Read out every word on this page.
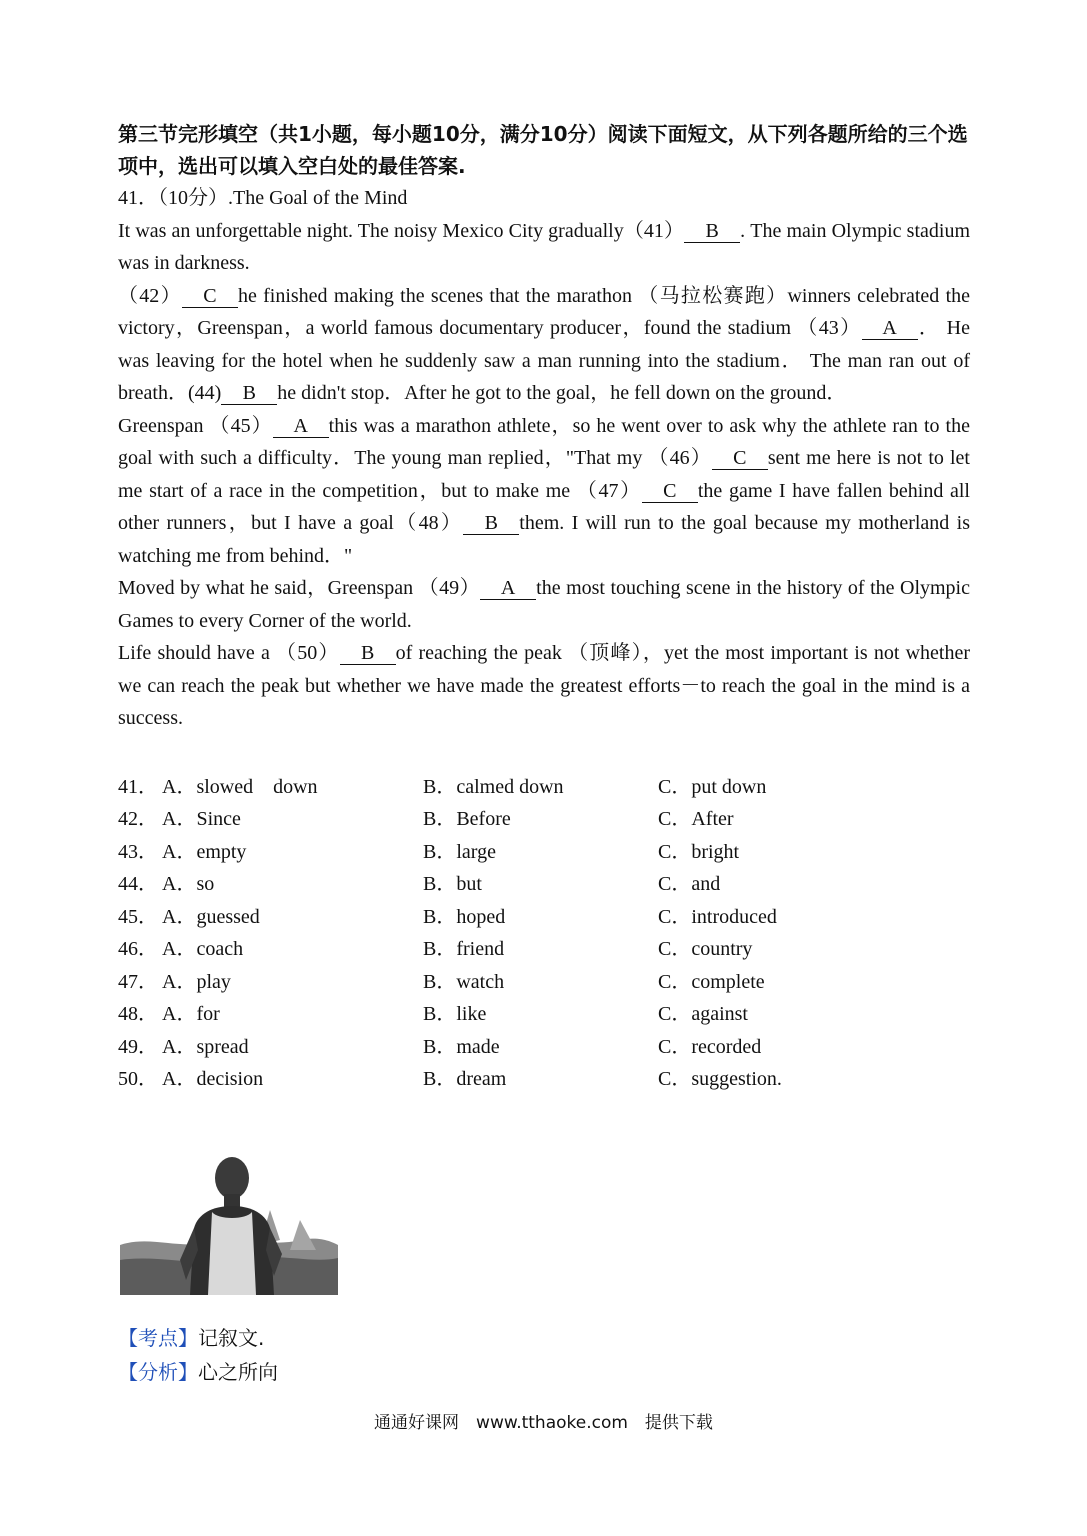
第三节完形填空（共1小题，每小题10分，满分10分）阅读下面短文，从下列各题所给的三个选项中，选出可以填入空白处的最佳答案.

41．（10分）.The Goal of the Mind

It was an unforgettable night. The noisy Mexico City gradually（41） B . The main Olympic stadium was in darkness.

（42） C he finished making the scenes that the marathon （马拉松赛跑）winners celebrated the victory，Greenspan，a world famous documentary producer，found the stadium （43） A ． He was leaving for the hotel when he suddenly saw a man running into the stadium． The man ran out of breath．(44) B he didn't stop．After he got to the goal，he fell down on the ground．

Greenspan （45） A this was a marathon athlete，so he went over to ask why the athlete ran to the goal with such a difficulty．The young man replied，"That my （46） C sent me here is not to let me start of a race in the competition，but to make me （47） C the game I have fallen behind all other runners，but I have a goal（48） B them. I will run to the goal because my motherland is watching me from behind．"

Moved by what he said，Greenspan （49） A the most touching scene in the history of the Olympic Games to every Corner of the world.

Life should have a （50） B of reaching the peak （顶峰），yet the most important is not whether we can reach the peak but whether we have made the greatest efforts－to reach the goal in the mind is a success.

41． A．slowed　down	B．calmed down	C．put down
42． A．Since	B．Before	C．After
43． A．empty	B．large	C．bright
44． A．so	B．but	C．and
45． A．guessed	B．hoped	C．introduced
46． A．coach	B．friend	C．country
47． A．play	B．watch	C．complete
48． A．for	B．like	C．against
49． A．spread	B．made	C．recorded
50． A．decision	B．dream	C．suggestion.
【考点】记叙文.
【分析】心之所向
通通好课网　www.tthaoke.com　提供下载
